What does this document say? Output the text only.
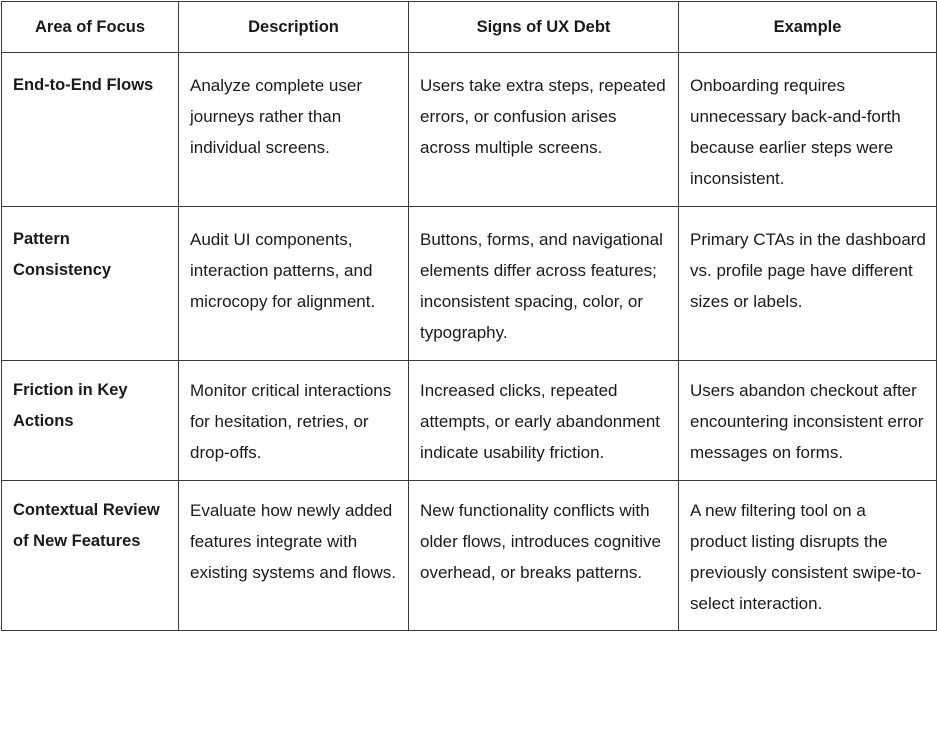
Area of Focus	Description	Signs of UX Debt	Example
End-to-End Flows	Analyze complete user journeys rather than individual screens.	Users take extra steps, repeated errors, or confusion arises across multiple screens.	Onboarding requires unnecessary back-and-forth because earlier steps were inconsistent.
Pattern Consistency	Audit UI components, interaction patterns, and microcopy for alignment.	Buttons, forms, and navigational elements differ across features; inconsistent spacing, color, or typography.	Primary CTAs in the dashboard vs. profile page have different sizes or labels.
Friction in Key Actions	Monitor critical interactions for hesitation, retries, or drop-offs.	Increased clicks, repeated attempts, or early abandonment indicate usability friction.	Users abandon checkout after encountering inconsistent error messages on forms.
Contextual Review of New Features	Evaluate how newly added features integrate with existing systems and flows.	New functionality conflicts with older flows, introduces cognitive overhead, or breaks patterns.	A new filtering tool on a product listing disrupts the previously consistent swipe-to-select interaction.
